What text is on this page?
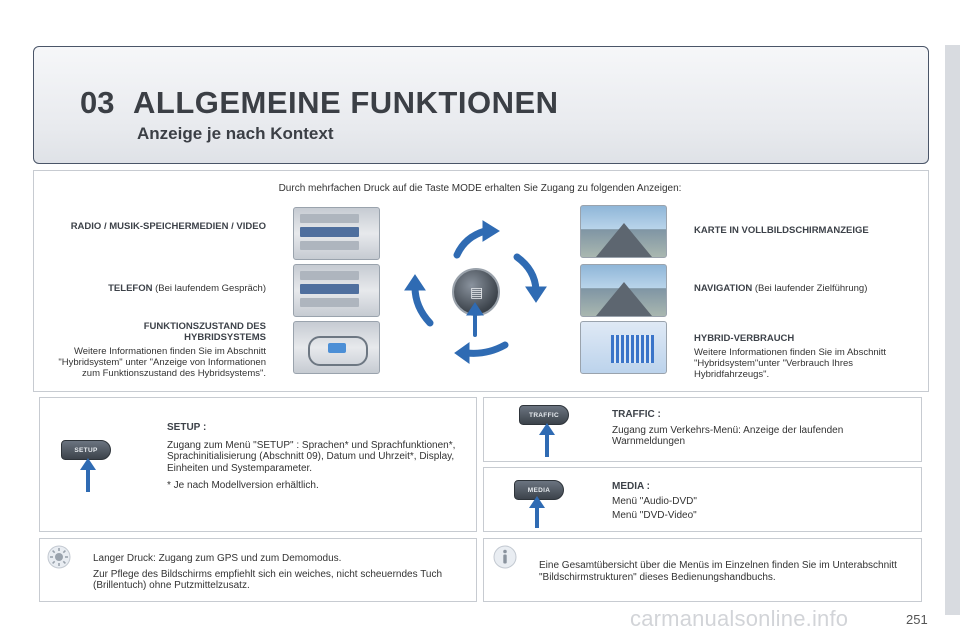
03 ALLGEMEINE FUNKTIONEN
Anzeige je nach Kontext
Durch mehrfachen Druck auf die Taste MODE erhalten Sie Zugang zu folgenden Anzeigen:
RADIO / MUSIK-SPEICHERMEDIEN / VIDEO
TELEFON (Bei laufendem Gespräch)
FUNKTIONSZUSTAND DES HYBRIDSYSTEMS
Weitere Informationen finden Sie im Abschnitt "Hybridsystem" unter "Anzeige von Informationen zum Funktionszustand des Hybridsystems".
KARTE IN VOLLBILDSCHIRMANZEIGE
NAVIGATION (Bei laufender Zielführung)
HYBRID-VERBRAUCH
Weitere Informationen finden Sie im Abschnitt "Hybridsystem"unter "Verbrauch Ihres Hybridfahrzeugs".
▤
SETUP

SETUP :

Zugang zum Menü "SETUP" : Sprachen* und Sprachfunktionen*, Sprachinitialisierung (Abschnitt 09), Datum und Uhrzeit*, Display, Einheiten und Systemparameter.

* Je nach Modellversion erhältlich.

TRAFFIC	TRAFFIC :

Zugang zum Verkehrs-Menü: Anzeige der laufenden Warnmeldungen

MEDIA	MEDIA :

Menü "Audio-DVD"

Menü "DVD-Video"

Langer Druck: Zugang zum GPS und zum Demomodus.

Zur Pflege des Bildschirms empfiehlt sich ein weiches, nicht scheuerndes Tuch (Brillentuch) ohne Putzmittelzusatz.

Eine Gesamtübersicht über die Menüs im Einzelnen finden Sie im Unterabschnitt "Bildschirmstrukturen" dieses Bedienungshandbuchs.
carmanualsonline.info	251
